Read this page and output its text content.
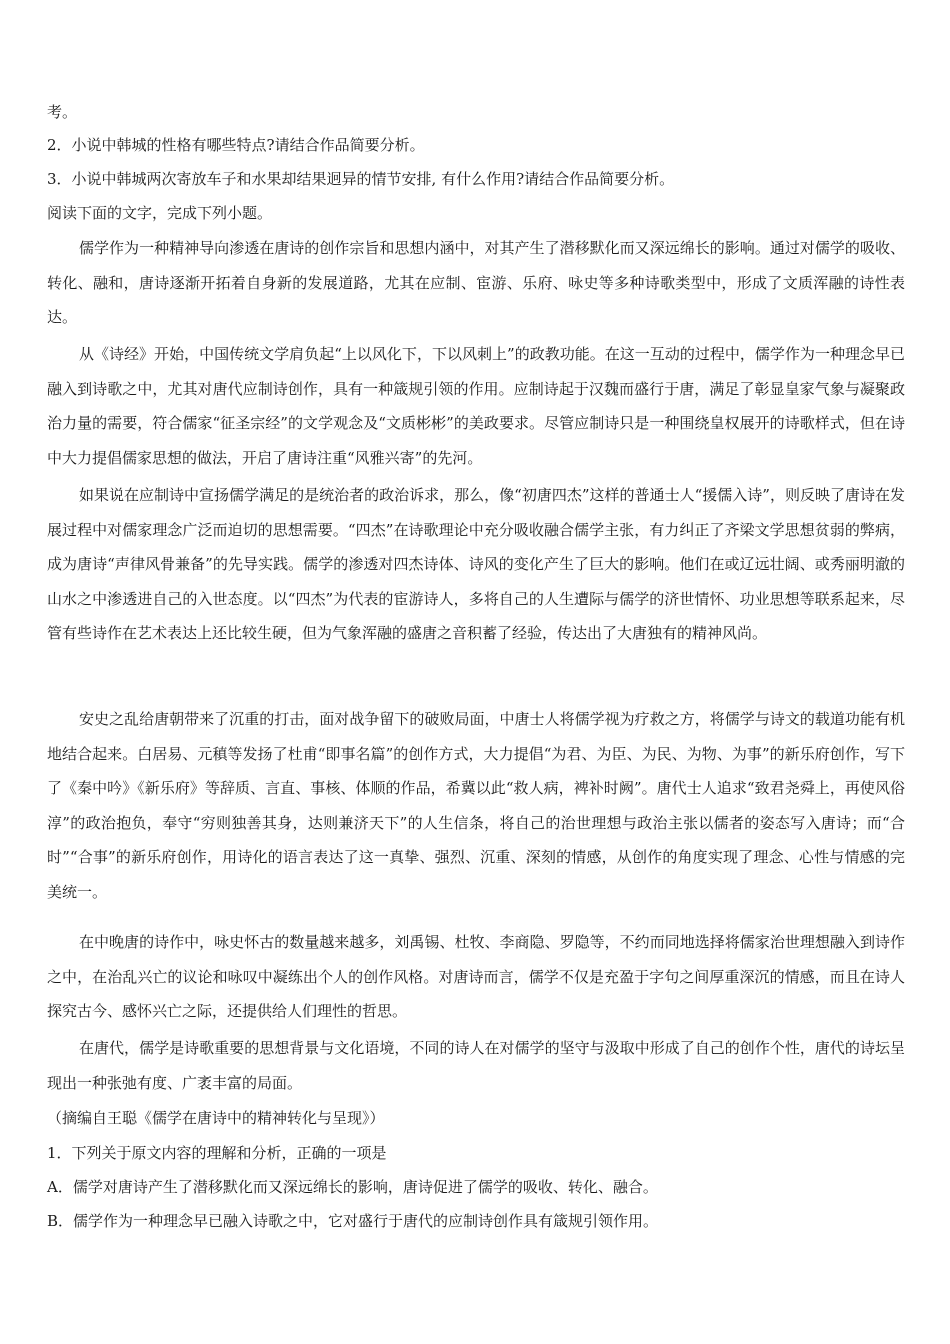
考。
2．小说中韩城的性格有哪些特点?请结合作品简要分析。
3．小说中韩城两次寄放车子和水果却结果迥异的情节安排, 有什么作用?请结合作品简要分析。
阅读下面的文字，完成下列小题。

儒学作为一种精神导向渗透在唐诗的创作宗旨和思想内涵中，对其产生了潜移默化而又深远绵长的影响。通过对儒学的吸收、转化、融和，唐诗逐渐开拓着自身新的发展道路，尤其在应制、宦游、乐府、咏史等多种诗歌类型中，形成了文质浑融的诗性表达。

从《诗经》开始，中国传统文学肩负起“上以风化下，下以风刺上”的政教功能。在这一互动的过程中，儒学作为一种理念早已融入到诗歌之中，尤其对唐代应制诗创作，具有一种箴规引领的作用。应制诗起于汉魏而盛行于唐，满足了彰显皇家气象与凝聚政治力量的需要，符合儒家“征圣宗经”的文学观念及“文质彬彬”的美政要求。尽管应制诗只是一种围绕皇权展开的诗歌样式，但在诗中大力提倡儒家思想的做法，开启了唐诗注重“风雅兴寄”的先河。

如果说在应制诗中宣扬儒学满足的是统治者的政治诉求，那么，像“初唐四杰”这样的普通士人“援儒入诗”，则反映了唐诗在发展过程中对儒家理念广泛而迫切的思想需要。“四杰”在诗歌理论中充分吸收融合儒学主张，有力纠正了齐梁文学思想贫弱的弊病，成为唐诗“声律风骨兼备”的先导实践。儒学的渗透对四杰诗体、诗风的变化产生了巨大的影响。他们在或辽远壮阔、或秀丽明澈的山水之中渗透进自己的入世态度。以“四杰”为代表的宦游诗人，多将自己的人生遭际与儒学的济世情怀、功业思想等联系起来，尽管有些诗作在艺术表达上还比较生硬，但为气象浑融的盛唐之音积蓄了经验，传达出了大唐独有的精神风尚。

安史之乱给唐朝带来了沉重的打击，面对战争留下的破败局面，中唐士人将儒学视为疗救之方，将儒学与诗文的载道功能有机地结合起来。白居易、元稹等发扬了杜甫“即事名篇”的创作方式，大力提倡“为君、为臣、为民、为物、为事”的新乐府创作，写下了《秦中吟》《新乐府》等辞质、言直、事核、体顺的作品，希冀以此“救人病，裨补时阙”。唐代士人追求“致君尧舜上，再使风俗淳”的政治抱负，奉守“穷则独善其身，达则兼济天下”的人生信条，将自己的治世理想与政治主张以儒者的姿态写入唐诗；而“合时”“合事”的新乐府创作，用诗化的语言表达了这一真挚、强烈、沉重、深刻的情感，从创作的角度实现了理念、心性与情感的完美统一。

在中晚唐的诗作中，咏史怀古的数量越来越多，刘禹锡、杜牧、李商隐、罗隐等，不约而同地选择将儒家治世理想融入到诗作之中，在治乱兴亡的议论和咏叹中凝练出个人的创作风格。对唐诗而言，儒学不仅是充盈于字句之间厚重深沉的情感，而且在诗人探究古今、感怀兴亡之际，还提供给人们理性的哲思。

在唐代，儒学是诗歌重要的思想背景与文化语境，不同的诗人在对儒学的坚守与汲取中形成了自己的创作个性，唐代的诗坛呈现出一种张弛有度、广袤丰富的局面。

（摘编自王聪《儒学在唐诗中的精神转化与呈现》）
1．下列关于原文内容的理解和分析，正确的一项是
A．儒学对唐诗产生了潜移默化而又深远绵长的影响，唐诗促进了儒学的吸收、转化、融合。
B．儒学作为一种理念早已融入诗歌之中，它对盛行于唐代的应制诗创作具有箴规引领作用。
